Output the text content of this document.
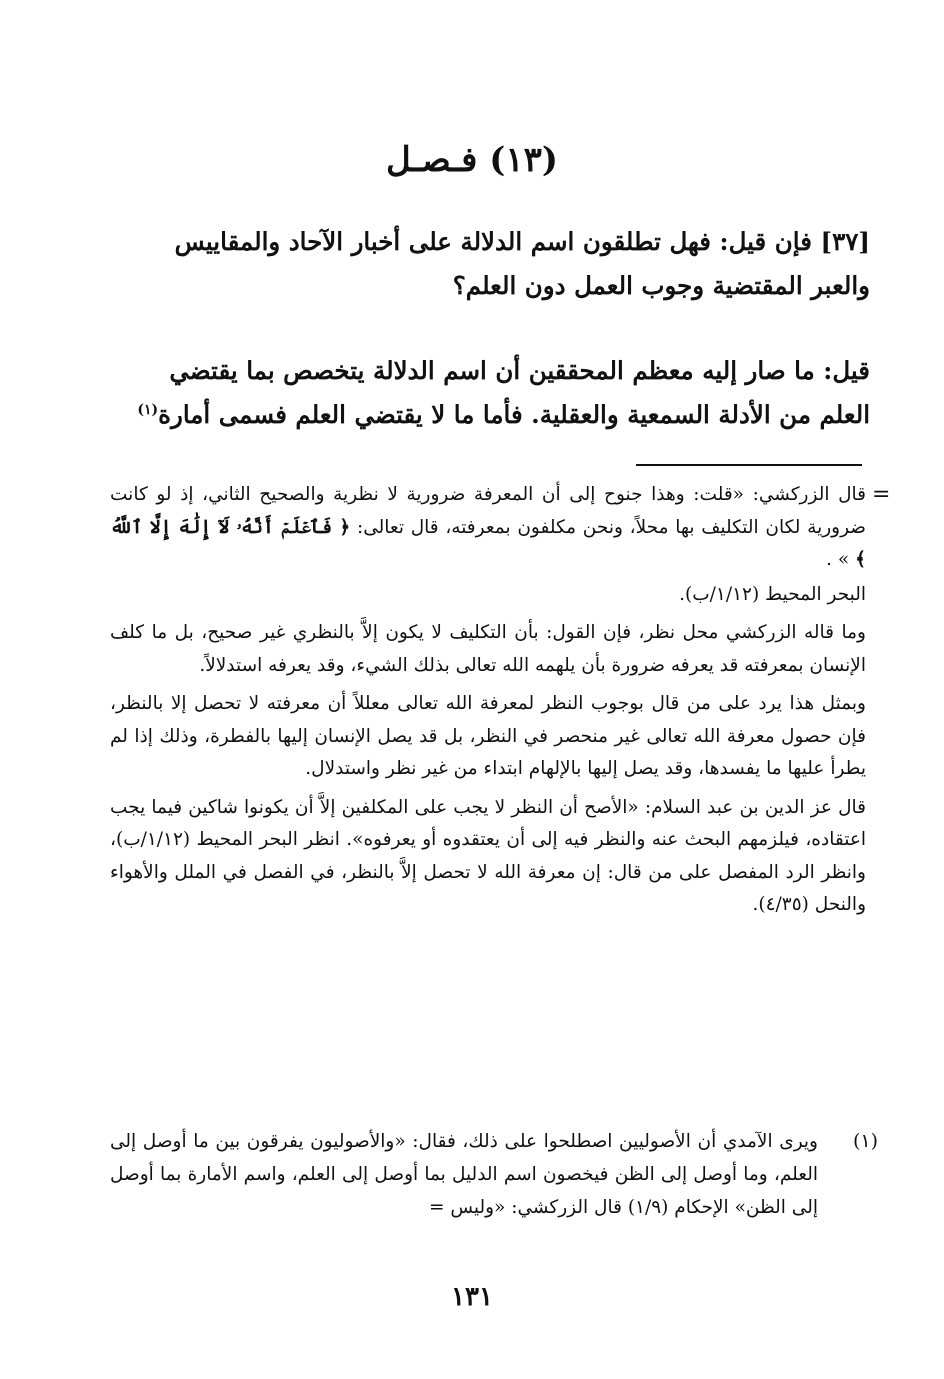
(١٣) فـصـل

[٣٧] فإن قيل: فهل تطلقون اسم الدلالة على أخبار الآحاد والمقاييس

والعبر المقتضية وجوب العمل دون العلم؟

قيل: ما صار إليه معظم المحققين أن اسم الدلالة يتخصص بما يقتضي

العلم من الأدلة السمعية والعقلية. فأما ما لا يقتضي العلم فسمى أمارة$^{(١)}$

=

قال الزركشي: «قلت: وهذا جنوح إلى أن المعرفة ضرورية لا نظرية والصحيح الثاني، إذ لو كانت ضرورية لكان التكليف بها محلاً، ونحن مكلفون بمعرفته، قال تعالى: ﴿ فَٱعۡلَمۡ أَنَّهُۥ لَآ إِلَٰهَ إِلَّا ٱللَّهُ ﴾ » .

البحر المحيط (١/١٢/ب).

وما قاله الزركشي محل نظر، فإن القول: بأن التكليف لا يكون إلاَّ بالنظري غير صحيح، بل ما كلف الإنسان بمعرفته قد يعرفه ضرورة بأن يلهمه الله تعالى بذلك الشيء، وقد يعرفه استدلالاً.

وبمثل هذا يرد على من قال بوجوب النظر لمعرفة الله تعالى معللاً أن معرفته لا تحصل إلا بالنظر، فإن حصول معرفة الله تعالى غير منحصر في النظر، بل قد يصل الإنسان إليها بالفطرة، وذلك إذا لم يطرأ عليها ما يفسدها، وقد يصل إليها بالإلهام ابتداء من غير نظر واستدلال.

قال عز الدين بن عبد السلام: «الأصح أن النظر لا يجب على المكلفين إلاَّ أن يكونوا شاكين فيما يجب اعتقاده، فيلزمهم البحث عنه والنظر فيه إلى أن يعتقدوه أو يعرفوه». انظر البحر المحيط (١/١٢/ب)، وانظر الرد المفصل على من قال: إن معرفة الله لا تحصل إلاَّ بالنظر، في الفصل في الملل والأهواء والنحل (٤/٣٥).

(١)
ويرى الآمدي أن الأصوليين اصطلحوا على ذلك، فقال: «والأصوليون يفرقون بين ما أوصل إلى العلم، وما أوصل إلى الظن فيخصون اسم الدليل بما أوصل إلى العلم، واسم الأمارة بما أوصل إلى الظن» الإحكام (١/٩) قال الزركشي: «وليس =
١٣١
